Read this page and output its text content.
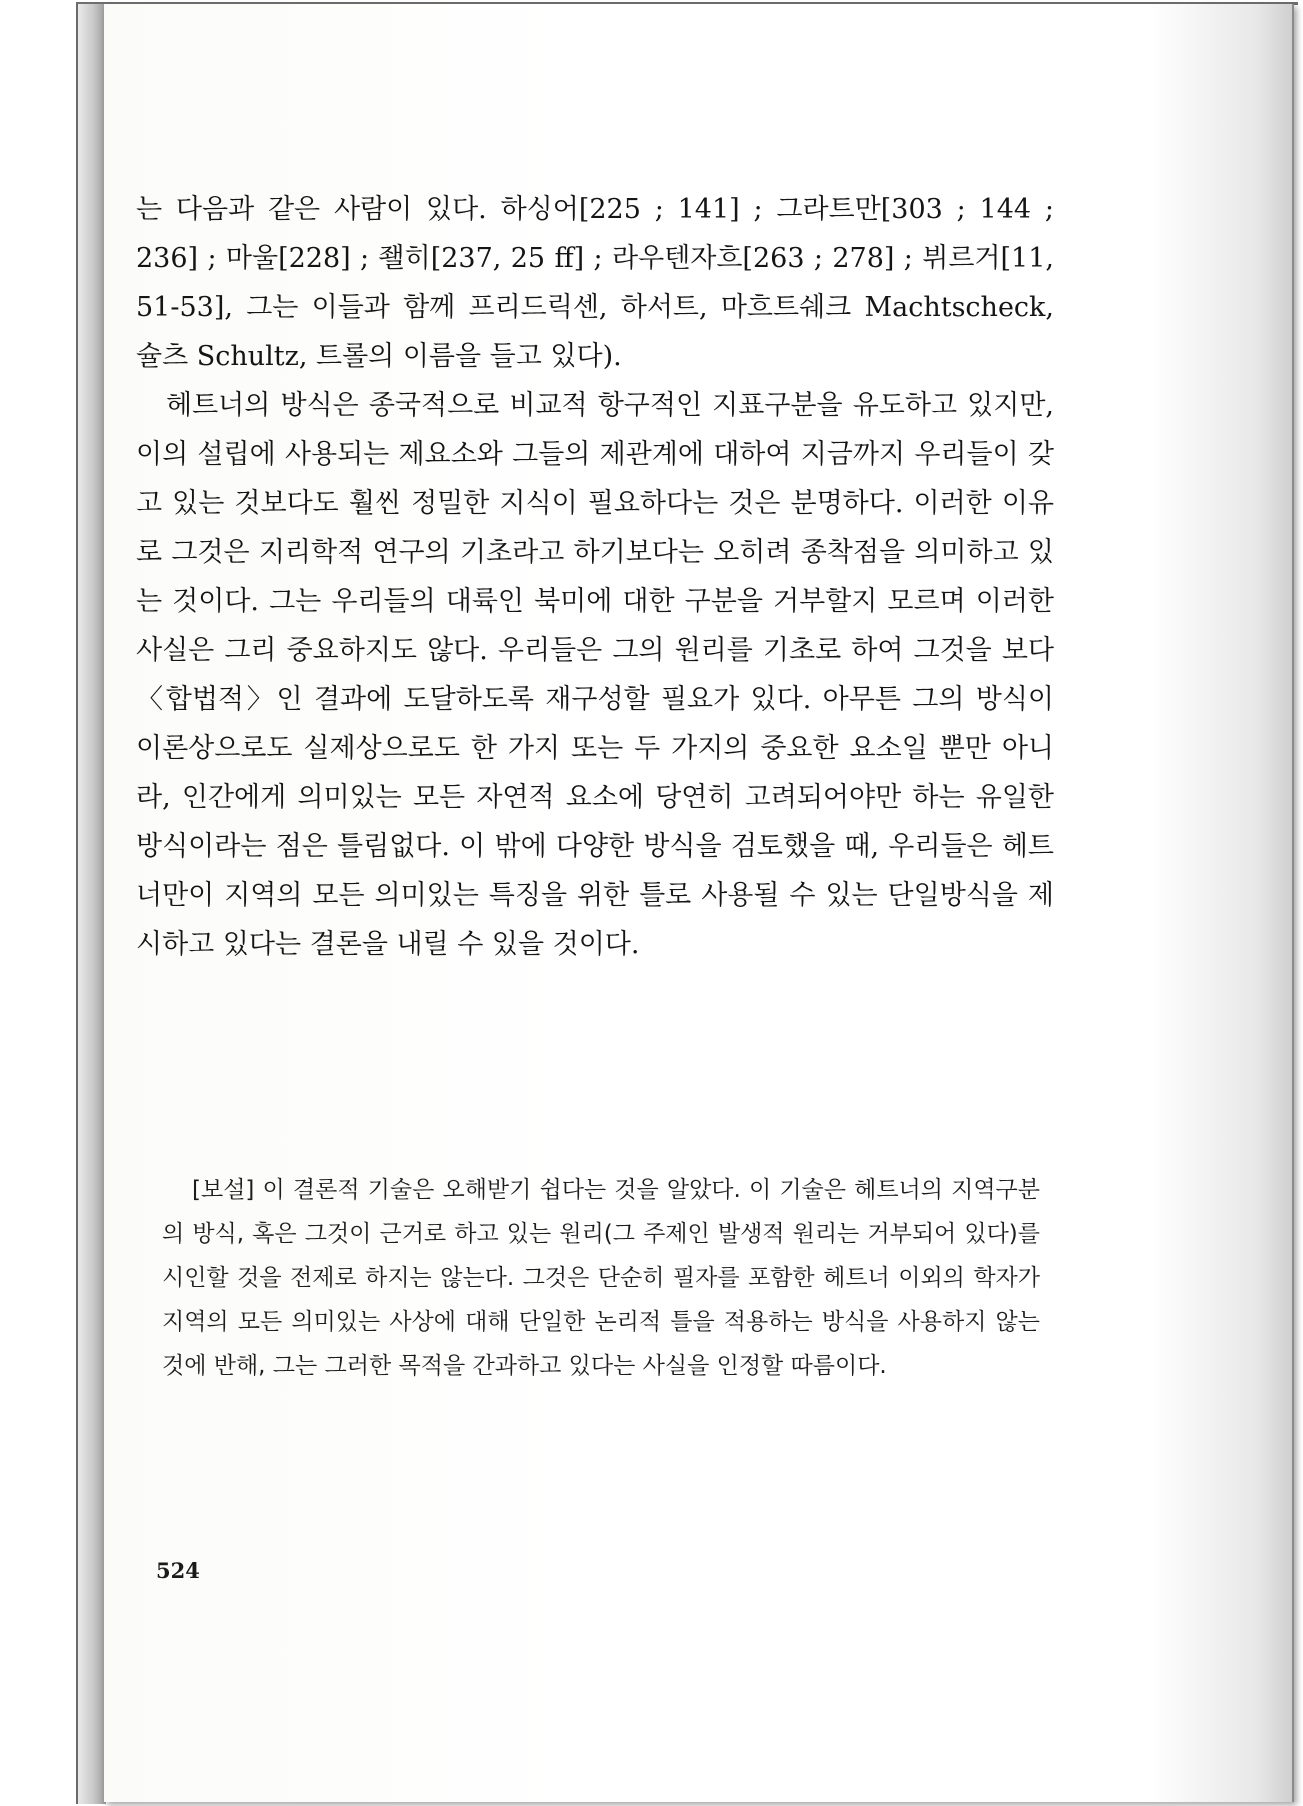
는 다음과 같은 사람이 있다. 하싱어[225 ; 141] ; 그라트만[303 ; 144 ; 236] ; 마울[228] ; 좰히[237, 25 ff] ; 라우텐자흐[263 ; 278] ; 뷔르거[11, 51-53], 그는 이들과 함께 프리드릭센, 하서트, 마흐트쉐크 Machtscheck, 슐츠 Schultz, 트롤의 이름을 들고 있다).

헤트너의 방식은 종국적으로 비교적 항구적인 지표구분을 유도하고 있지만, 이의 설립에 사용되는 제요소와 그들의 제관계에 대하여 지금까지 우리들이 갖고 있는 것보다도 훨씬 정밀한 지식이 필요하다는 것은 분명하다. 이러한 이유로 그것은 지리학적 연구의 기초라고 하기보다는 오히려 종착점을 의미하고 있는 것이다. 그는 우리들의 대륙인 북미에 대한 구분을 거부할지 모르며 이러한 사실은 그리 중요하지도 않다. 우리들은 그의 원리를 기초로 하여 그것을 보다 〈합법적〉인 결과에 도달하도록 재구성할 필요가 있다. 아무튼 그의 방식이 이론상으로도 실제상으로도 한 가지 또는 두 가지의 중요한 요소일 뿐만 아니라, 인간에게 의미있는 모든 자연적 요소에 당연히 고려되어야만 하는 유일한 방식이라는 점은 틀림없다. 이 밖에 다양한 방식을 검토했을 때, 우리들은 헤트너만이 지역의 모든 의미있는 특징을 위한 틀로 사용될 수 있는 단일방식을 제시하고 있다는 결론을 내릴 수 있을 것이다.

[보설] 이 결론적 기술은 오해받기 쉽다는 것을 알았다. 이 기술은 헤트너의 지역구분의 방식, 혹은 그것이 근거로 하고 있는 원리(그 주제인 발생적 원리는 거부되어 있다)를 시인할 것을 전제로 하지는 않는다. 그것은 단순히 필자를 포함한 헤트너 이외의 학자가 지역의 모든 의미있는 사상에 대해 단일한 논리적 틀을 적용하는 방식을 사용하지 않는 것에 반해, 그는 그러한 목적을 간과하고 있다는 사실을 인정할 따름이다.

524
